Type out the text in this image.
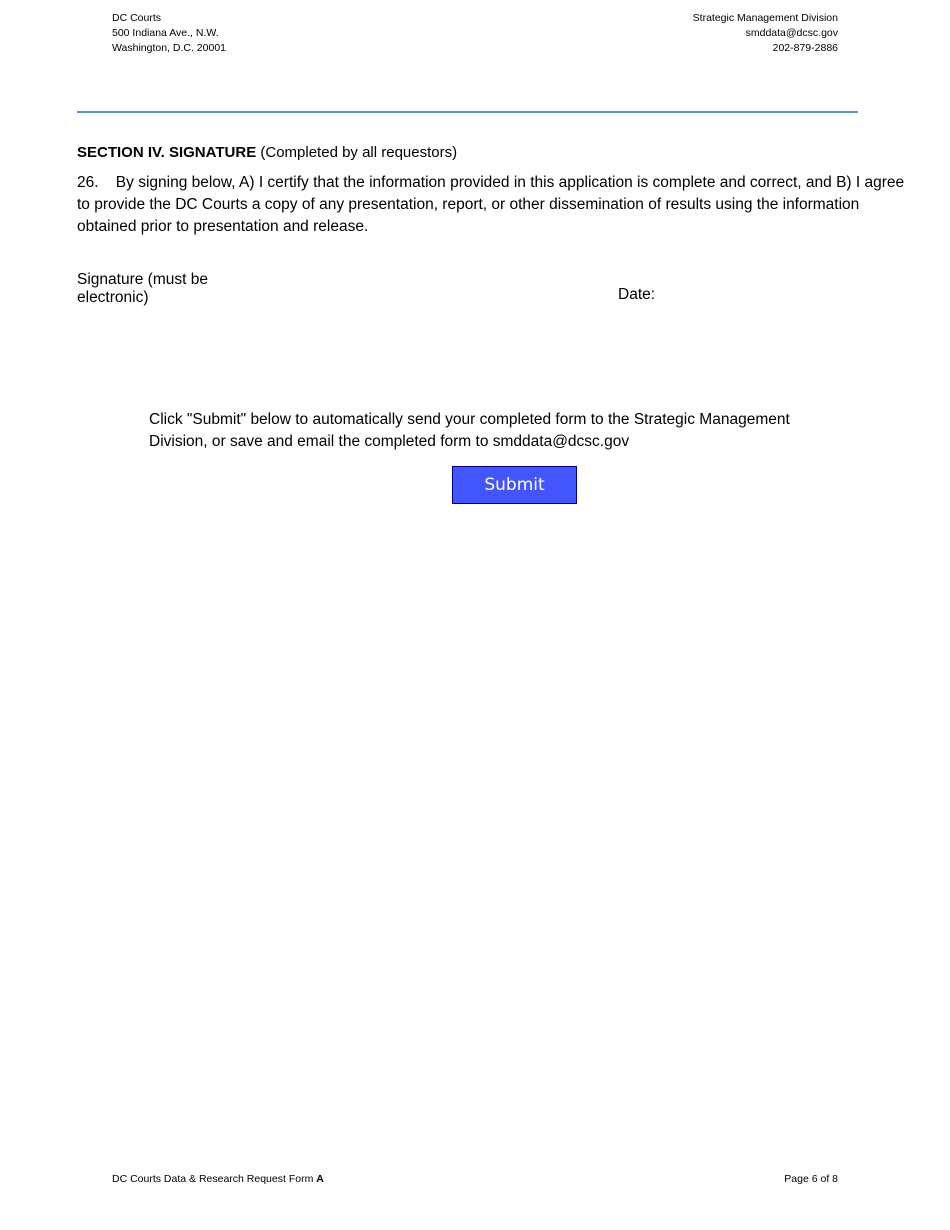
DC Courts
500 Indiana Ave., N.W.
Washington, D.C. 20001
Strategic Management Division
smddata@dcsc.gov
202-879-2886
SECTION IV. SIGNATURE (Completed by all requestors)
26. By signing below, A) I certify that the information provided in this application is complete and correct, and B) I agree to provide the DC Courts a copy of any presentation, report, or other dissemination of results using the information obtained prior to presentation and release.
Signature (must be electronic)	Date:
Click "Submit" below to automatically send your completed form to the Strategic Management Division, or save and email the completed form to smddata@dcsc.gov
Submit
DC Courts Data & Research Request Form A	Page 6 of 8
